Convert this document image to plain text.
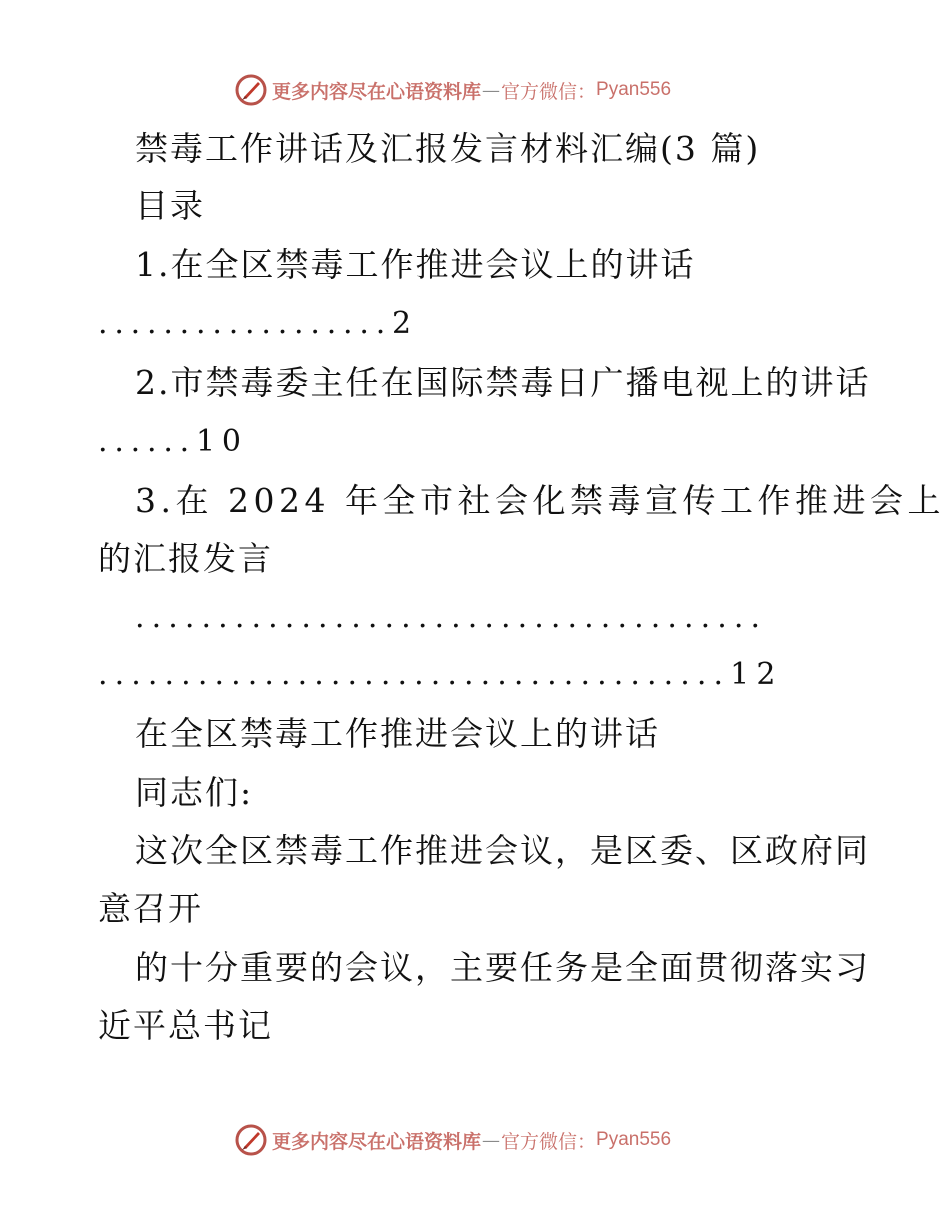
更多内容尽在心语资料库 — 官方微信： Pyan556
禁毒工作讲话及汇报发言材料汇编(3 篇)
目录
1.在全区禁毒工作推进会议上的讲话
..................2
2.市禁毒委主任在国际禁毒日广播电视上的讲话
......10
3.在 2024 年全市社会化禁毒宣传工作推进会上
的汇报发言
......................................
......................................12
在全区禁毒工作推进会议上的讲话
同志们:
这次全区禁毒工作推进会议，是区委、区政府同
意召开
的十分重要的会议，主要任务是全面贯彻落实习
近平总书记
更多内容尽在心语资料库 — 官方微信： Pyan556
